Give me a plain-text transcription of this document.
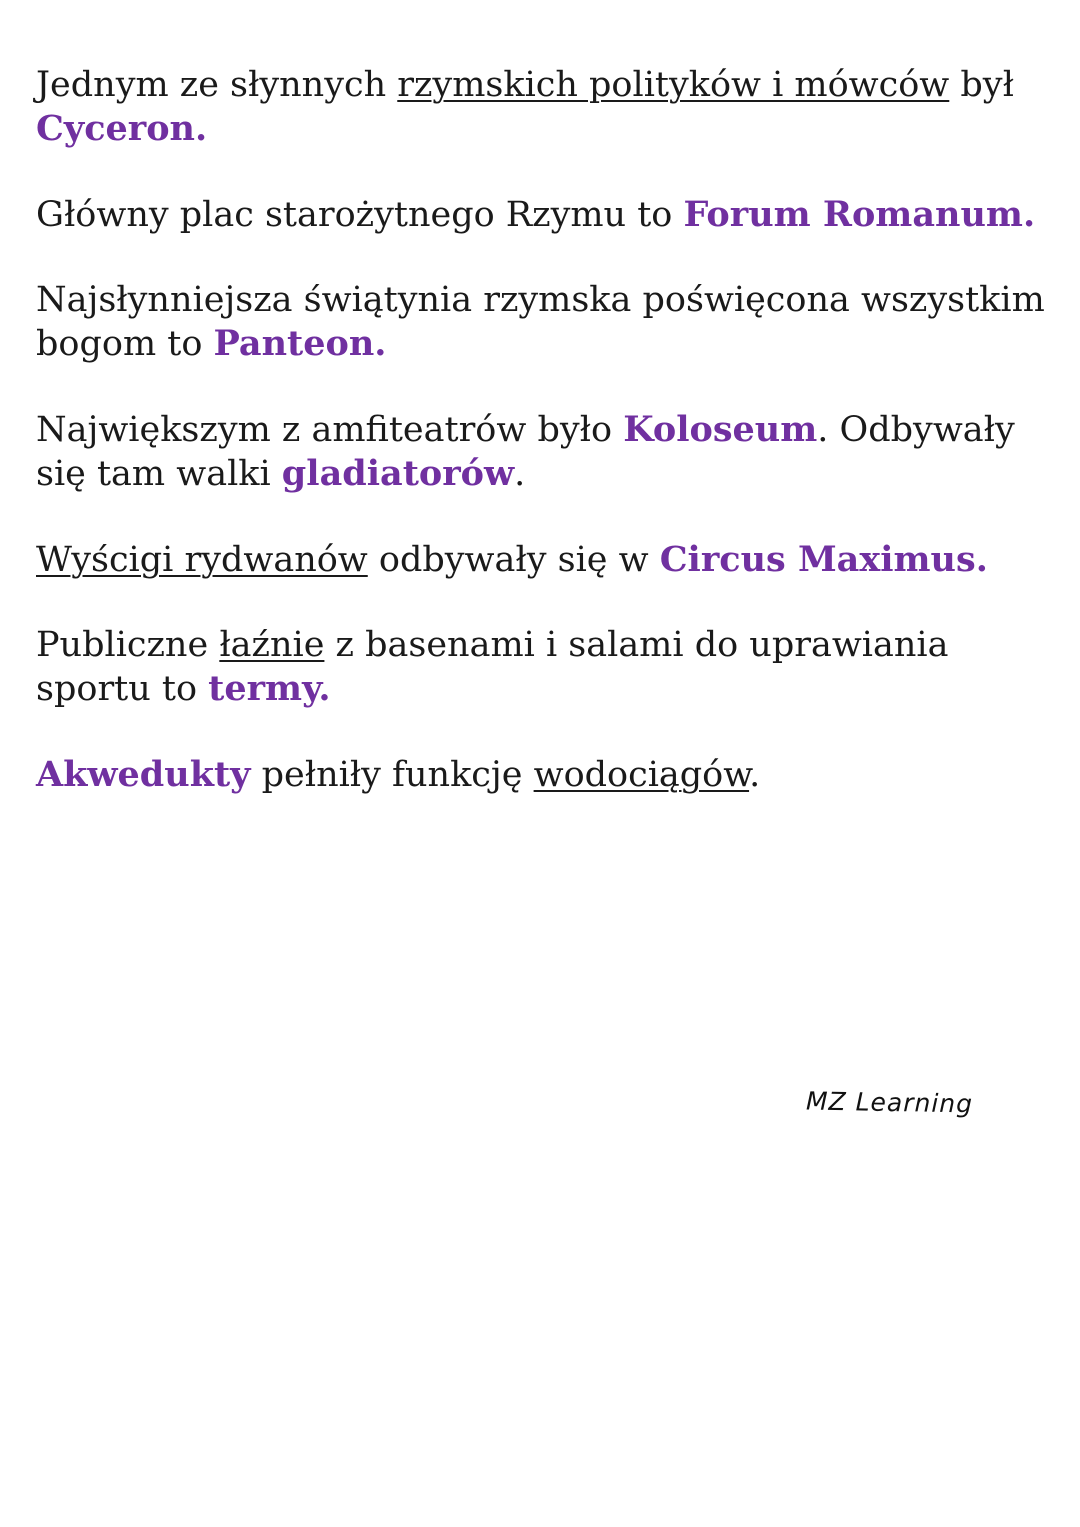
Jednym ze słynnych rzymskich polityków i mówców był
Cyceron.

Główny plac starożytnego Rzymu to Forum Romanum.

Najsłynniejsza świątynia rzymska poświęcona wszystkim bogom to Panteon.

Największym z amfiteatrów było Koloseum. Odbywały się tam walki gladiatorów.

Wyścigi rydwanów odbywały się w Circus Maximus.

Publiczne łaźnie z basenami i salami do uprawiania sportu to termy.

Akwedukty pełniły funkcję wodociągów.

MZ Learning
